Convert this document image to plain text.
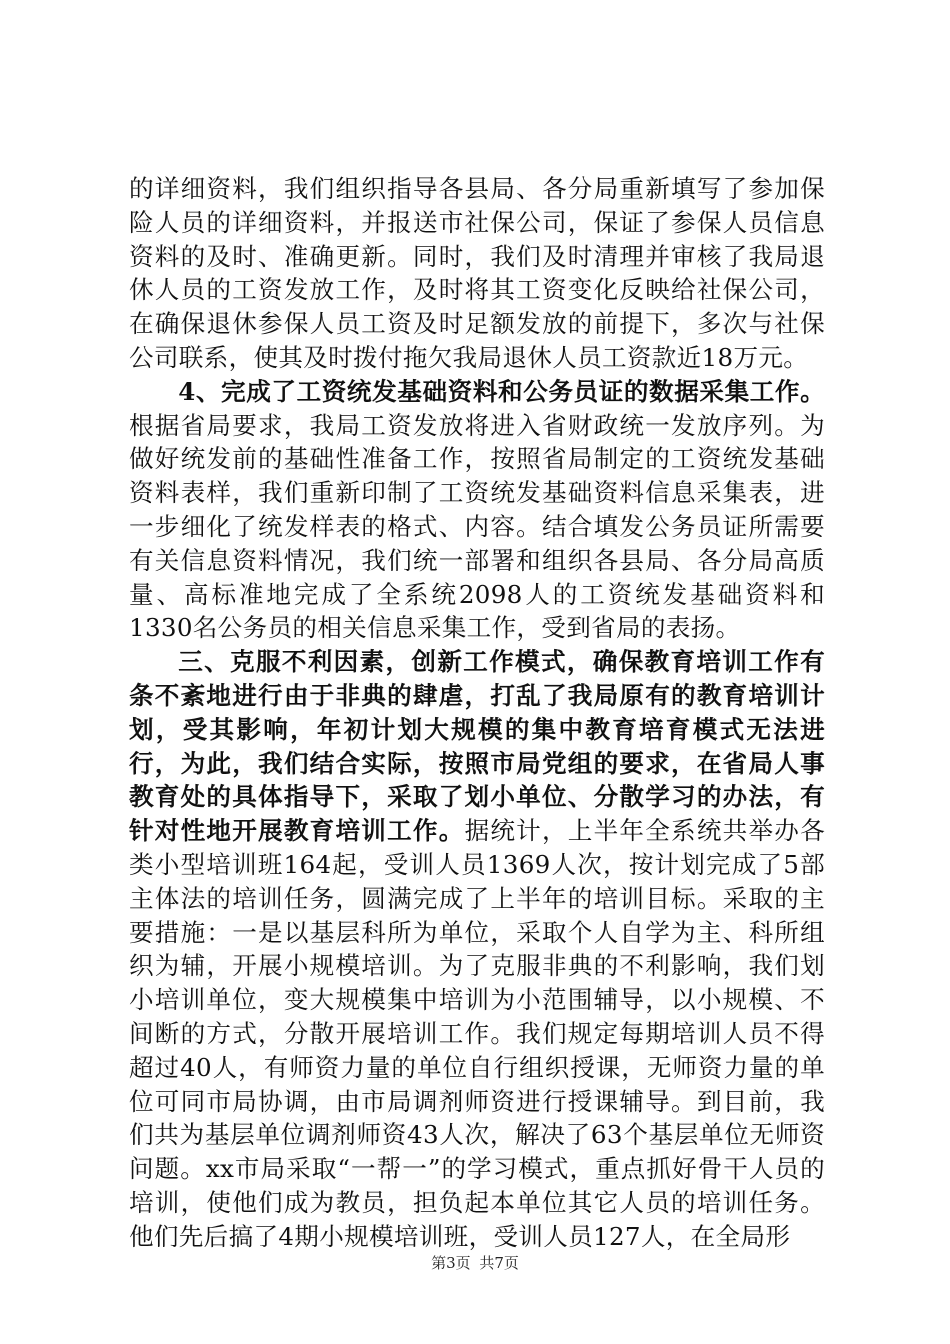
的详细资料，我们组织指导各县局、各分局重新填写了参加保险人员的详细资料，并报送市社保公司，保证了参保人员信息资料的及时、准确更新。同时，我们及时清理并审核了我局退休人员的工资发放工作，及时将其工资变化反映给社保公司，在确保退休参保人员工资及时足额发放的前提下，多次与社保公司联系，使其及时拨付拖欠我局退休人员工资款近18万元。

4、完成了工资统发基础资料和公务员证的数据采集工作。根据省局要求，我局工资发放将进入省财政统一发放序列。为做好统发前的基础性准备工作，按照省局制定的工资统发基础资料表样，我们重新印制了工资统发基础资料信息采集表，进一步细化了统发样表的格式、内容。结合填发公务员证所需要有关信息资料情况，我们统一部署和组织各县局、各分局高质量、高标准地完成了全系统2098人的工资统发基础资料和1330名公务员的相关信息采集工作，受到省局的表扬。

三、克服不利因素，创新工作模式，确保教育培训工作有条不紊地进行由于非典的肆虐，打乱了我局原有的教育培训计划，受其影响，年初计划大规模的集中教育培育模式无法进行，为此，我们结合实际，按照市局党组的要求，在省局人事教育处的具体指导下，采取了划小单位、分散学习的办法，有针对性地开展教育培训工作。据统计，上半年全系统共举办各类小型培训班164起，受训人员1369人次，按计划完成了5部主体法的培训任务，圆满完成了上半年的培训目标。采取的主要措施：一是以基层科所为单位，采取个人自学为主、科所组织为辅，开展小规模培训。为了克服非典的不利影响，我们划小培训单位，变大规模集中培训为小范围辅导，以小规模、不间断的方式，分散开展培训工作。我们规定每期培训人员不得超过40人，有师资力量的单位自行组织授课，无师资力量的单位可同市局协调，由市局调剂师资进行授课辅导。到目前，我们共为基层单位调剂师资43人次，解决了63个基层单位无师资问题。xx市局采取“一帮一”的学习模式，重点抓好骨干人员的培训，使他们成为教员，担负起本单位其它人员的培训任务。他们先后搞了4期小规模培训班，受训人员127人，在全局形

第3页 共7页
